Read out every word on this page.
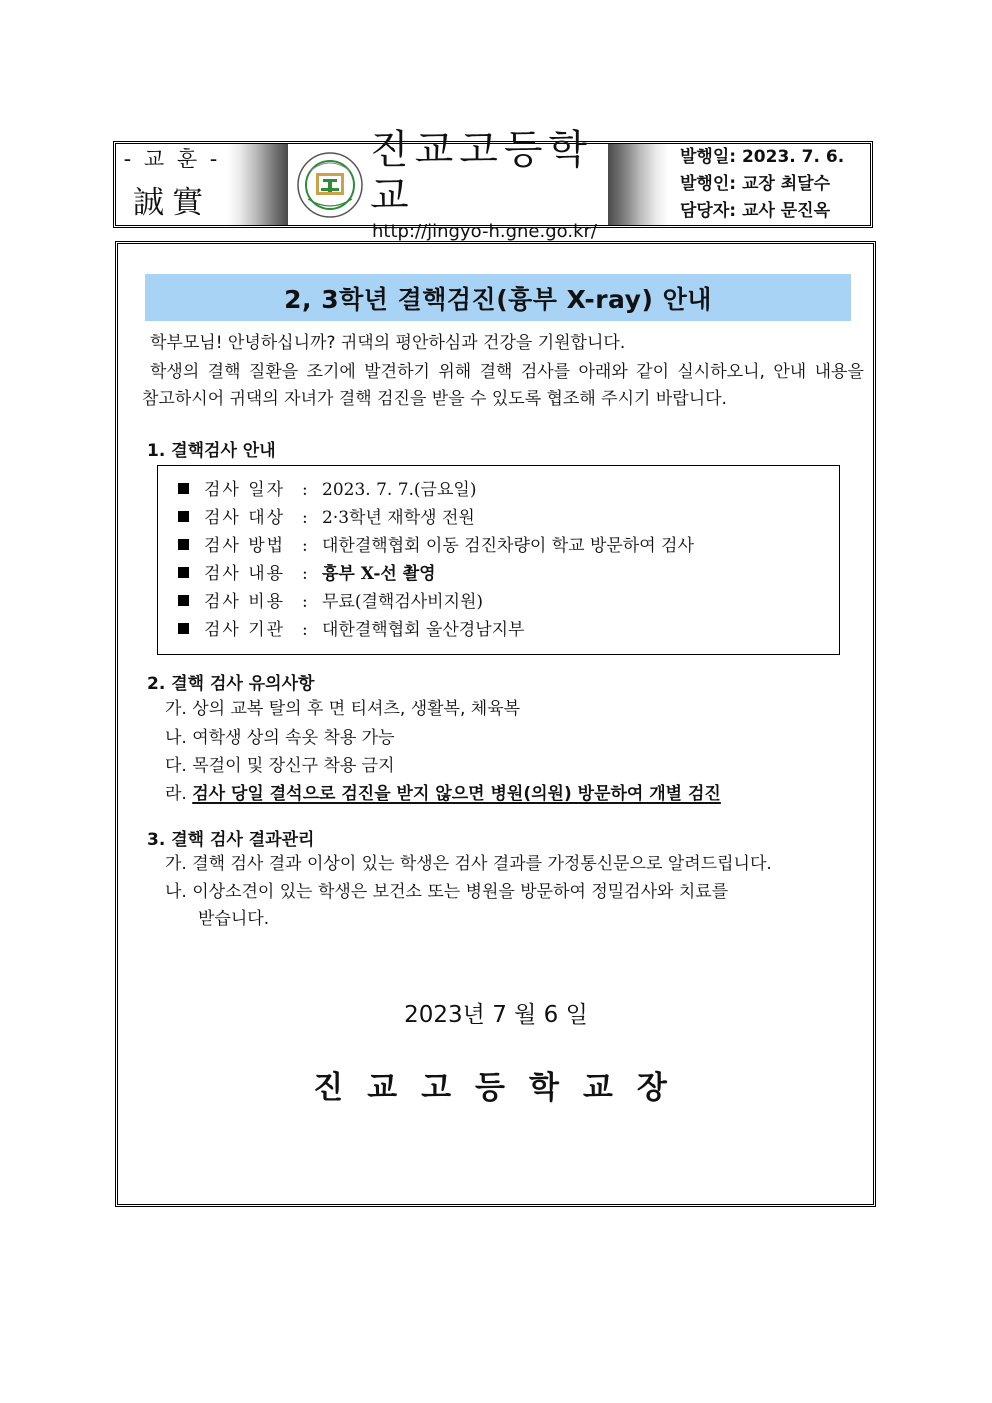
- 교 훈 -
誠實
진교고등학교
http://jingyo-h.gne.go.kr/
발행일: 2023. 7. 6.
발행인: 교장 최달수
담당자: 교사 문진옥
2, 3학년 결핵검진(흉부 X-ray) 안내
학부모님! 안녕하십니까? 귀댁의 평안하심과 건강을 기원합니다.
학생의 결핵 질환을 조기에 발견하기 위해 결핵 검사를 아래와 같이 실시하오니, 안내 내용을
참고하시어 귀댁의 자녀가 결핵 검진을 받을 수 있도록 협조해 주시기 바랍니다.
1. 결핵검사 안내
검사 일자 : 2023. 7. 7.(금요일)
검사 대상 : 2·3학년 재학생 전원
검사 방법 : 대한결핵협회 이동 검진차량이 학교 방문하여 검사
검사 내용 : 흉부 X-선 촬영
검사 비용 : 무료(결핵검사비지원)
검사 기관 : 대한결핵협회 울산경남지부
2. 결핵 검사 유의사항
가. 상의 교복 탈의 후 면 티셔츠, 생활복, 체육복
나. 여학생 상의 속옷 착용 가능
다. 목걸이 및 장신구 착용 금지
라. 검사 당일 결석으로 검진을 받지 않으면 병원(의원) 방문하여 개별 검진
3. 결핵 검사 결과관리
가. 결핵 검사 결과 이상이 있는 학생은 검사 결과를 가정통신문으로 알려드립니다.
나. 이상소견이 있는 학생은 보건소 또는 병원을 방문하여 정밀검사와 치료를
받습니다.
2023년 7 월 6 일
진교고등학교장
